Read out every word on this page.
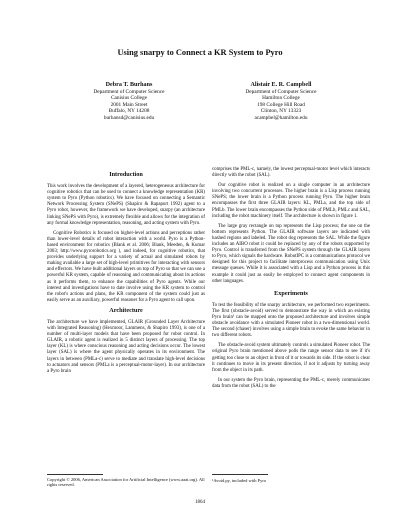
Using snarpy to Connect a KR System to Pyro
Debra T. Burhans
Department of Computer Science
Canisius College
2001 Main Street
Buffalo, NY 14208
burhansd@canisius.edu
Alistair E. R. Campbell
Department of Computer Science
Hamilton College
198 College Hill Road
Clinton, NY 13323
acampbel@hamilton.edu
Introduction

This work involves the development of a layered, heterogeneous architecture for cognitive robotics that can be used to connect a knowledge representation (KR) system to Pyro (Python robotics). We have focused on connecting a Semantic Network Processing System (SNePS) (Shapiro & Rapaport 1992) agent to a Pyro robot, however, the framework we have developed, snarpy (an architecture linking SNePS with Pyro), is extremely flexible and allows for the integration of any formal knowledge representation, reasoning, and acting system with Pyro.

Cognitive Robotics is focused on higher-level actions and perceptions rather than lower-level details of robot interaction with a world. Pyro is a Python-based environment for robotics (Blank et al. 2006; Blank, Meeden, & Kumar 2003; http://www.pyrorobotics.org ), and indeed, for cognitive robotics, that provides underlying support for a variety of actual and simulated robots by making available a large set of high-level primitives for interacting with sensors and effectors. We have built additional layers on top of Pyro so that we can use a powerful KR system, capable of reasoning and communicating about its actions as it performs them, to enhance the capabilities of Pyro agents. While our interest and investigations have to date involve using the KR system to control the robot's actions and plans, the KR component of the system could just as easily serve as an auxiliary, powerful reasoner for a Pyro agent to call upon.

Architecture

The architecture we have implemented, GLAIR (Grounded Layer Architecture with Integrated Reasoning) (Hexmoor, Lammens, & Shapiro 1993), is one of a number of multi-layer models that have been proposed for robot control. In GLAIR, a robotic agent is realized in 5 distinct layers of processing. The top layer (KL) is where conscious reasoning and acting decisions occur. The lowest layer (SAL) is where the agent physically operates in its environment. The layers in between (PMLa-c) serve to mediate and translate high-level decisions to actuators and sensors (PMLa is a perceptual-motor-layer). In our architecture a Pyro brain

comprises the PML-c, namely, the lowest perceptual-motor level which interacts directly with the robot (SAL).

Our cognitive robot is realized on a single computer in an architecture involving two concurrent processes. The higher brain is a Lisp process running SNePS; the lower brain is a Python process running Pyro. The higher brain encompasses the first three GLAIR layers: KL, PMLa, and the top side of PMLb. The lower brain encompasses the Python side of PMLb, PMLc and SAL, including the robot machinery itself. The architecture is shown in figure 1.

The large gray rectangle on top represents the Lisp process; the one on the bottom represents Python. The GLAIR software layers are indicated with hashed regions and labeled. The robot dog represents the SAL. While the figure includes an AIBO robot it could be replaced by any of the robots supported by Pyro. Control is transferred from the SNePS system through the GLAIR layers to Pyro, which signals the hardware. RobotIPC is a communications protocol we designed for this project to facilitate interprocess communication using Unix message queues. While it is associated with a Lisp and a Python process in this example it could just as easily be employed to connect agent components in other languages.

Experiments

To test the feasibility of the snarpy architecture, we performed two experiments. The first (obstacle-avoid) served to demonstrate the way in which an existing Pyro brain¹ can be mapped onto the proposed architecture and involves simple obstacle avoidance with a simulated Pioneer robot in a two-dimensional world. The second (chaser) involves using a simple brain to evoke the same behavior in two different robots.

The obstacle-avoid system ultimately controls a simulated Pioneer robot. The original Pyro brain mentioned above polls the range sensor data to see if it's getting too close to an object in front of it or towards its side. If the robot is clear it continues to move in its present direction, if not it adjusts by turning away from the object in its path.

In our system the Pyro brain, representing the PML-c, merely communicates data from the robot (SAL) to the

Copyright © 2006, American Association for Artificial Intelligence (www.aaai.org). All rights reserved.
¹Avoid.py, included with Pyro
1864
